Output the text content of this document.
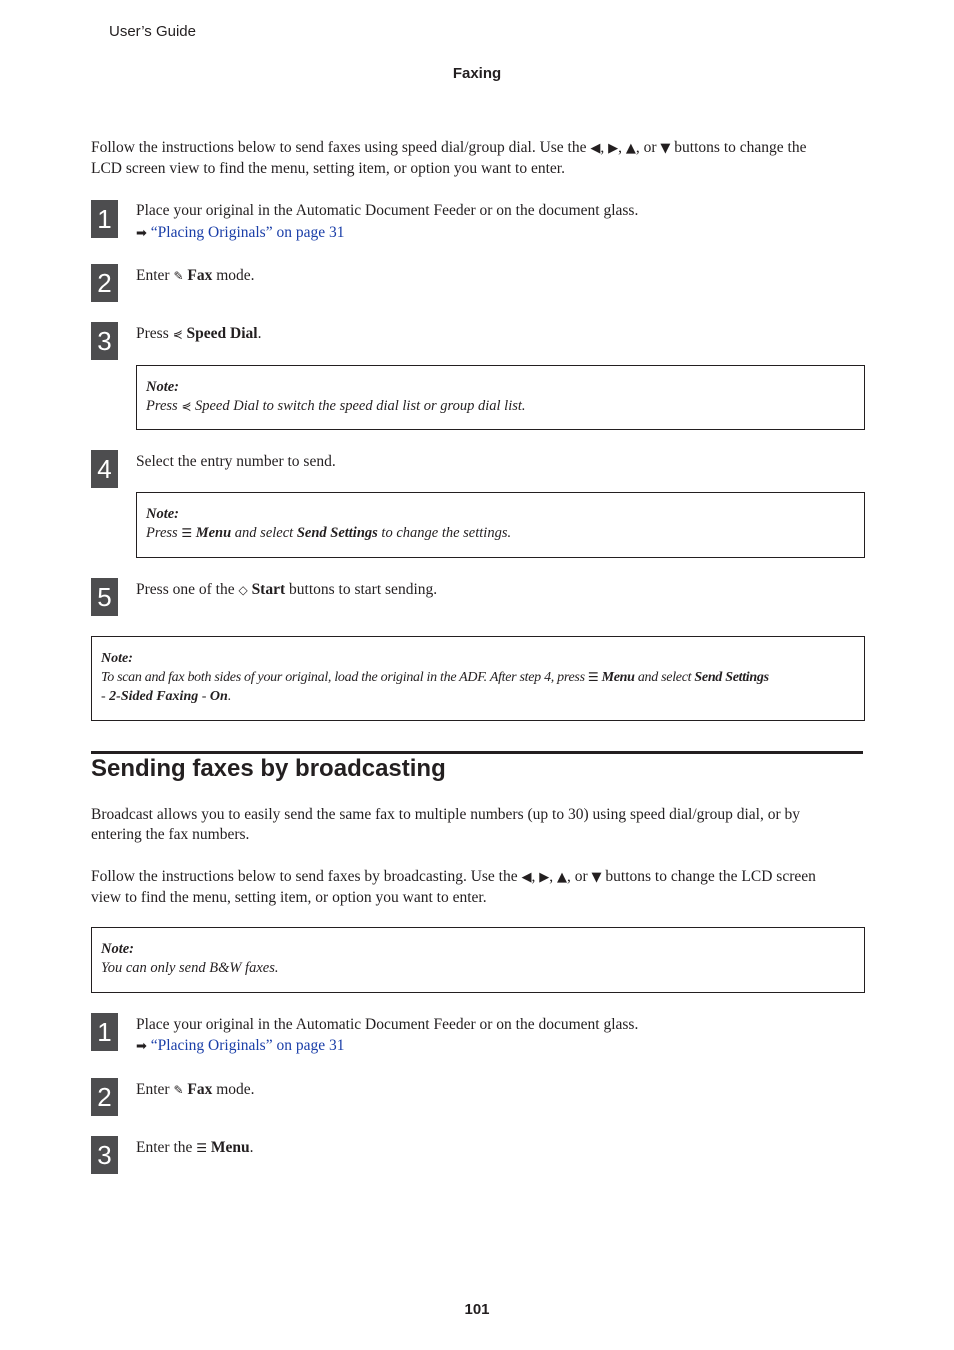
User’s Guide
Faxing
Follow the instructions below to send faxes using speed dial/group dial. Use the ◀, ▶, ▲, or ▼ buttons to change the
LCD screen view to find the menu, setting item, or option you want to enter.
1	Place your original in the Automatic Document Feeder or on the document glass.
➡ “Placing Originals” on page 31
2	Enter ✎ Fax mode.
3	Press ⋞ Speed Dial.
Note:
Press ⋞ Speed Dial to switch the speed dial list or group dial list.
4	Select the entry number to send.
Note:
Press ☰ Menu and select Send Settings to change the settings.
5	Press one of the ◇ Start buttons to start sending.
Note:
To scan and fax both sides of your original, load the original in the ADF. After step 4, press ☰ Menu and select Send Settings
- 2-Sided Faxing - On.
Sending faxes by broadcasting
Broadcast allows you to easily send the same fax to multiple numbers (up to 30) using speed dial/group dial, or by
entering the fax numbers.
Follow the instructions below to send faxes by broadcasting. Use the ◀, ▶, ▲, or ▼ buttons to change the LCD screen
view to find the menu, setting item, or option you want to enter.
Note:
You can only send B&W faxes.
1	Place your original in the Automatic Document Feeder or on the document glass.
➡ “Placing Originals” on page 31
2	Enter ✎ Fax mode.
3	Enter the ☰ Menu.
101
